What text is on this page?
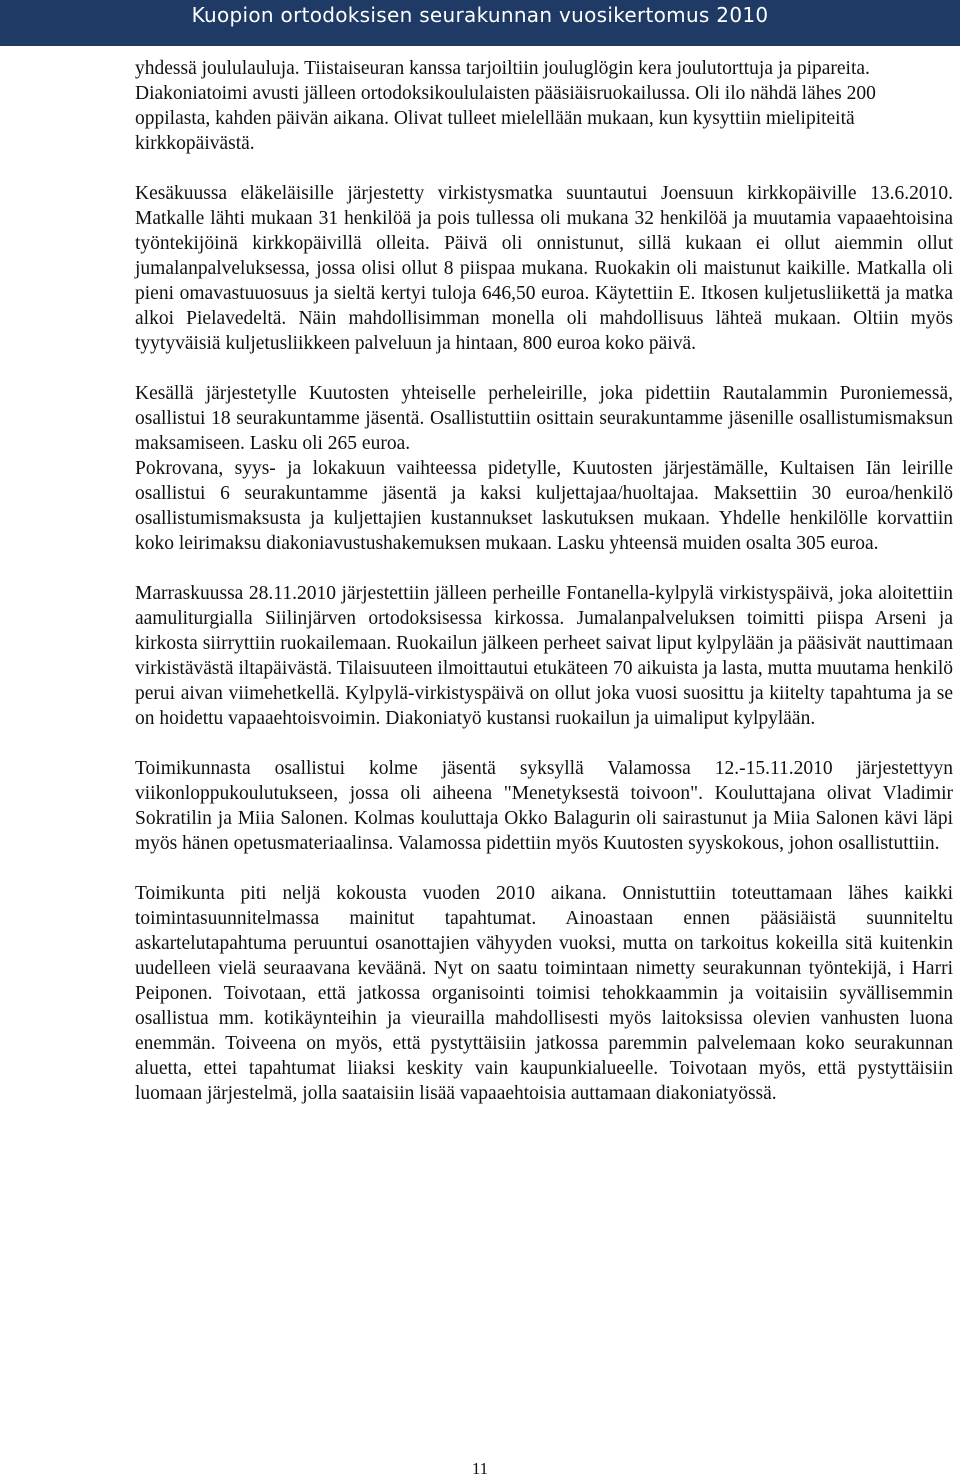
Kuopion ortodoksisen seurakunnan vuosikertomus 2010

yhdessä joululauluja. Tiistaiseuran kanssa tarjoiltiin jouluglögin kera joulutorttuja ja pipareita.

Diakoniatoimi avusti jälleen ortodoksikoululaisten pääsiäisruokailussa. Oli ilo nähdä lähes 200 oppilasta, kahden päivän aikana. Olivat tulleet mielellään mukaan, kun kysyttiin mielipiteitä kirkkopäivästä.

Kesäkuussa eläkeläisille järjestetty virkistysmatka suuntautui Joensuun kirkkopäiville 13.6.2010. Matkalle lähti mukaan 31 henkilöä ja pois tullessa oli mukana 32 henkilöä ja muutamia vapaaehtoisina työntekijöinä kirkkopäivillä olleita. Päivä oli onnistunut, sillä kukaan ei ollut aiemmin ollut jumalanpalveluksessa, jossa olisi ollut 8 piispaa mukana. Ruokakin oli maistunut kaikille. Matkalla oli pieni omavastuuosuus ja sieltä kertyi tuloja 646,50 euroa. Käytettiin E. Itkosen kuljetusliikettä ja matka alkoi Pielavedeltä. Näin mahdollisimman monella oli mahdollisuus lähteä mukaan. Oltiin myös tyytyväisiä kuljetusliikkeen palveluun ja hintaan, 800 euroa koko päivä.

Kesällä järjestetylle Kuutosten yhteiselle perheleirille, joka pidettiin Rautalammin Puroniemessä, osallistui 18 seurakuntamme jäsentä. Osallistuttiin osittain seurakuntamme jäsenille osallistumismaksun maksamiseen. Lasku oli 265 euroa.

Pokrovana, syys- ja lokakuun vaihteessa pidetylle, Kuutosten järjestämälle, Kultaisen Iän leirille osallistui 6 seurakuntamme jäsentä ja kaksi kuljettajaa/huoltajaa. Maksettiin 30 euroa/henkilö osallistumismaksusta ja kuljettajien kustannukset laskutuksen mukaan. Yhdelle henkilölle korvattiin koko leirimaksu diakoniavustushakemuksen mukaan. Lasku yhteensä muiden osalta 305 euroa.

Marraskuussa 28.11.2010 järjestettiin jälleen perheille Fontanella-kylpylä virkistyspäivä, joka aloitettiin aamuliturgialla Siilinjärven ortodoksisessa kirkossa. Jumalanpalveluksen toimitti piispa Arseni ja kirkosta siirryttiin ruokailemaan. Ruokailun jälkeen perheet saivat liput kylpylään ja pääsivät nauttimaan virkistävästä iltapäivästä. Tilaisuuteen ilmoittautui etukäteen 70 aikuista ja lasta, mutta muutama henkilö perui aivan viimehetkellä. Kylpylä-virkistyspäivä on ollut joka vuosi suosittu ja kiitelty tapahtuma ja se on hoidettu vapaaehtoisvoimin. Diakoniatyö kustansi ruokailun ja uimaliput kylpylään.

Toimikunnasta osallistui kolme jäsentä syksyllä Valamossa 12.-15.11.2010 järjestettyyn viikonloppukoulutukseen, jossa oli aiheena "Menetyksestä toivoon". Kouluttajana olivat Vladimir Sokratilin ja Miia Salonen. Kolmas kouluttaja Okko Balagurin oli sairastunut ja Miia Salonen kävi läpi myös hänen opetusmateriaalinsa. Valamossa pidettiin myös Kuutosten syyskokous, johon osallistuttiin.

Toimikunta piti neljä kokousta vuoden 2010 aikana. Onnistuttiin toteuttamaan lähes kaikki toimintasuunnitelmassa mainitut tapahtumat. Ainoastaan ennen pääsiäistä suunniteltu askartelutapahtuma peruuntui osanottajien vähyyden vuoksi, mutta on tarkoitus kokeilla sitä kuitenkin uudelleen vielä seuraavana keväänä. Nyt on saatu toimintaan nimetty seurakunnan työntekijä, i Harri Peiponen. Toivotaan, että jatkossa organisointi toimisi tehokkaammin ja voitaisiin syvällisemmin osallistua mm. kotikäynteihin ja vieurailla mahdollisesti myös laitoksissa olevien vanhusten luona enemmän. Toiveena on myös, että pystyttäisiin jatkossa paremmin palvelemaan koko seurakunnan aluetta, ettei tapahtumat liiaksi keskity vain kaupunkialueelle. Toivotaan myös, että pystyttäisiin luomaan järjestelmä, jolla saataisiin lisää vapaaehtoisia auttamaan diakoniatyössä.

11
